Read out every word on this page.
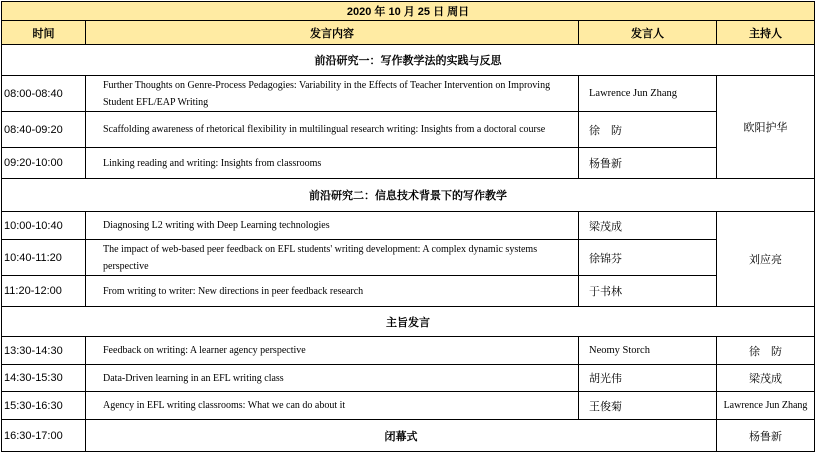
2020 年 10 月 25 日 周日			
时间	发言内容	发言人	主持人
前沿研究一：写作教学法的实践与反思			
08:00-08:40	Further Thoughts on Genre-Process Pedagogies: Variability in the Effects of Teacher Intervention on Improving Student EFL/EAP Writing	Lawrence Jun Zhang	欧阳护华
08:40-09:20	Scaffolding awareness of rhetorical flexibility in multilingual research writing: Insights from a doctoral course	徐　防	
09:20-10:00	Linking reading and writing: Insights from classrooms	杨鲁新	
前沿研究二：信息技术背景下的写作教学			
10:00-10:40	Diagnosing L2 writing with Deep Learning technologies	梁茂成	刘应亮
10:40-11:20	The impact of web-based peer feedback on EFL students' writing development: A complex dynamic systems perspective	徐锦芬	
11:20-12:00	From writing to writer: New directions in peer feedback research	于书林	
主旨发言			
13:30-14:30	Feedback on writing: A learner agency perspective	Neomy Storch	徐　防
14:30-15:30	Data-Driven learning in an EFL writing class	胡光伟	梁茂成
15:30-16:30	Agency in EFL writing classrooms: What we can do about it	王俊菊	Lawrence Jun Zhang
16:30-17:00	闭幕式		杨鲁新
